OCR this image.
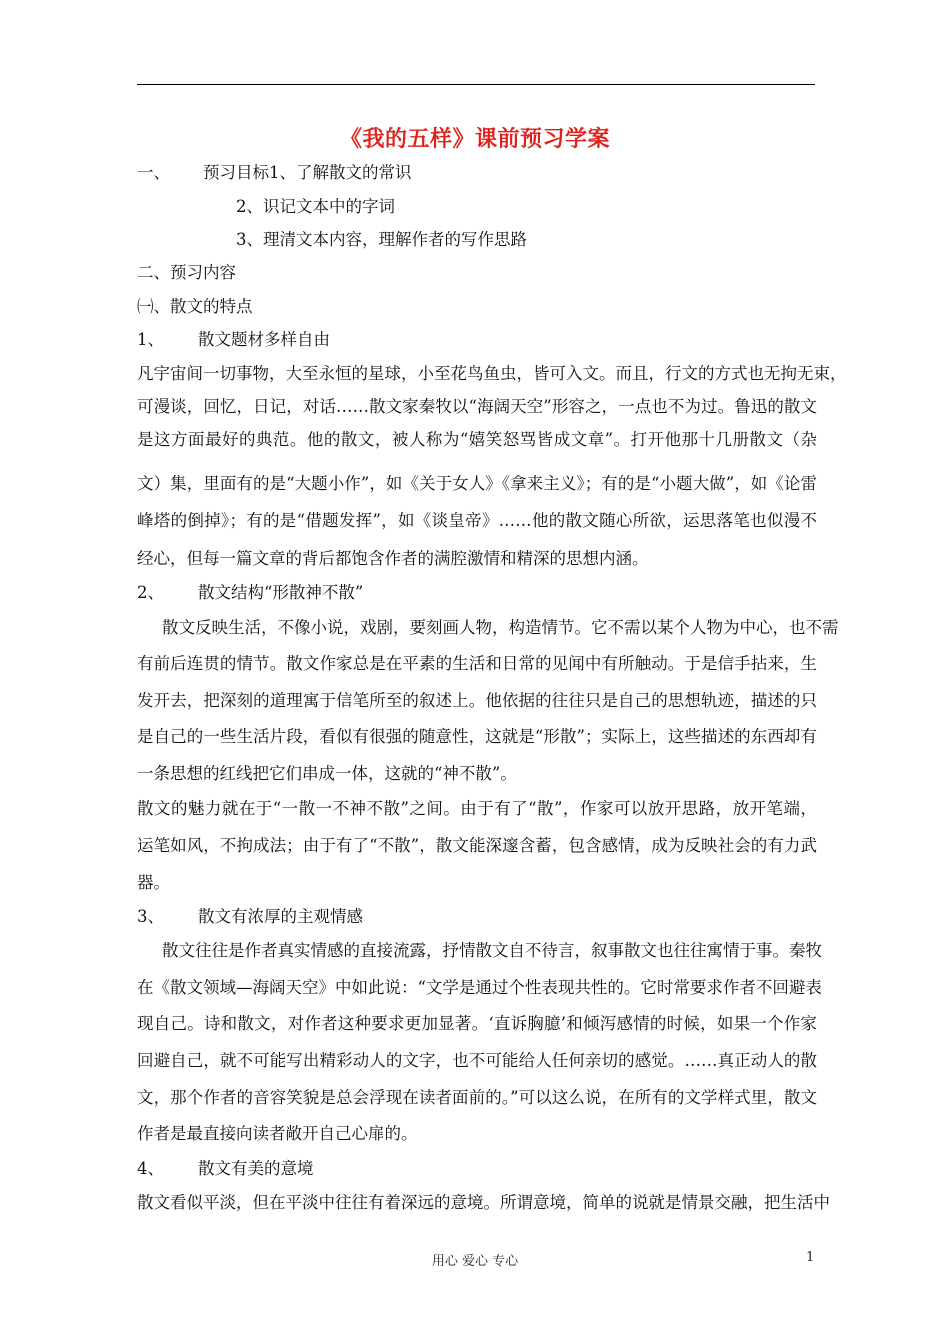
《我的五样》课前预习学案
一、 预习目标1、了解散文的常识
2、识记文本中的字词
3、理清文本内容，理解作者的写作思路
二、预习内容
㈠、散文的特点
1、 散文题材多样自由
凡宇宙间一切事物，大至永恒的星球，小至花鸟鱼虫，皆可入文。而且，行文的方式也无拘无束，
可漫谈，回忆，日记，对话……散文家秦牧以“海阔天空”形容之，一点也不为过。鲁迅的散文
是这方面最好的典范。他的散文，被人称为“嬉笑怒骂皆成文章”。打开他那十几册散文（杂
文）集，里面有的是“大题小作”，如《关于女人》《拿来主义》；有的是“小题大做”，如《论雷
峰塔的倒掉》；有的是“借题发挥”，如《谈皇帝》……他的散文随心所欲，运思落笔也似漫不
经心，但每一篇文章的背后都饱含作者的满腔激情和精深的思想内涵。
2、 散文结构“形散神不散”
散文反映生活，不像小说，戏剧，要刻画人物，构造情节。它不需以某个人物为中心，也不需
有前后连贯的情节。散文作家总是在平素的生活和日常的见闻中有所触动。于是信手拈来，生
发开去，把深刻的道理寓于信笔所至的叙述上。他依据的往往只是自己的思想轨迹，描述的只
是自己的一些生活片段，看似有很强的随意性，这就是“形散”；实际上，这些描述的东西却有
一条思想的红线把它们串成一体，这就的“神不散”。
散文的魅力就在于“一散一不神不散”之间。由于有了“散”，作家可以放开思路，放开笔端，
运笔如风，不拘成法；由于有了“不散”，散文能深邃含蓄，包含感情，成为反映社会的有力武
器。
3、 散文有浓厚的主观情感
散文往往是作者真实情感的直接流露，抒情散文自不待言，叙事散文也往往寓情于事。秦牧
在《散文领域—海阔天空》中如此说：“文学是通过个性表现共性的。它时常要求作者不回避表
现自己。诗和散文，对作者这种要求更加显著。‘直诉胸臆’和倾泻感情的时候，如果一个作家
回避自己，就不可能写出精彩动人的文字，也不可能给人任何亲切的感觉。……真正动人的散
文，那个作者的音容笑貌是总会浮现在读者面前的。”可以这么说，在所有的文学样式里，散文
作者是最直接向读者敞开自己心扉的。
4、 散文有美的意境
散文看似平淡，但在平淡中往往有着深远的意境。所谓意境，简单的说就是情景交融，把生活中
用心 爱心 专心	1
